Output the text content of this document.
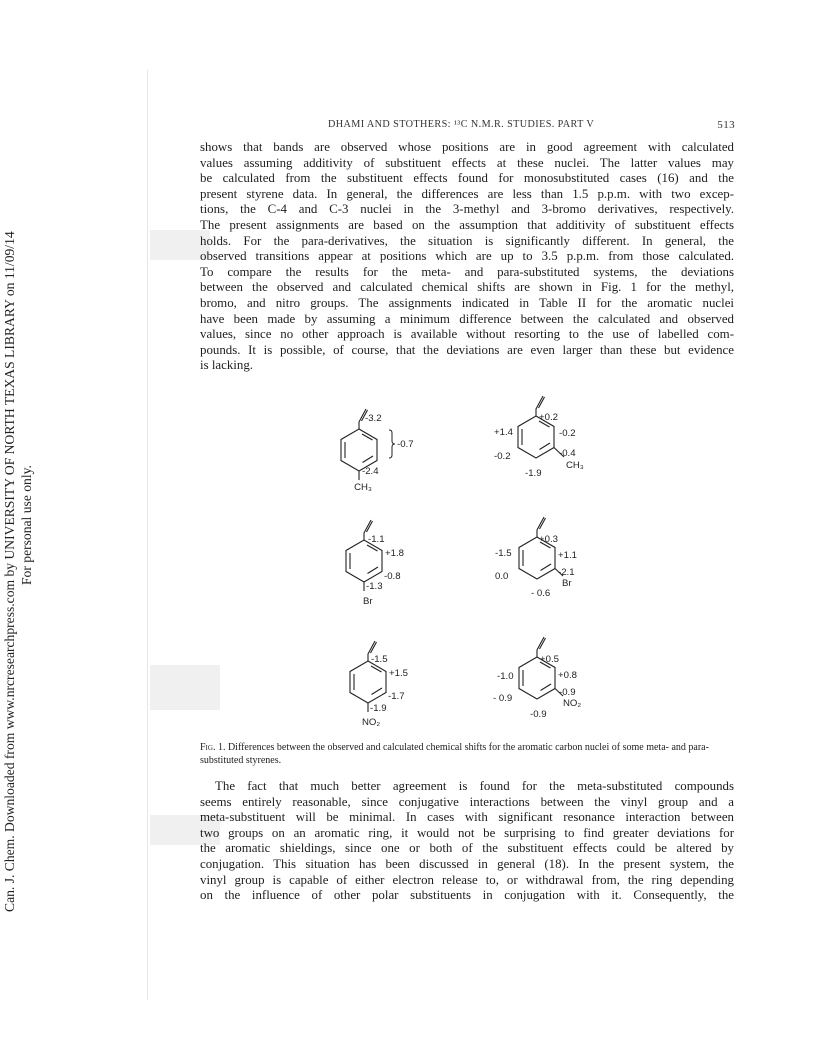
Can. J. Chem. Downloaded from www.nrcresearchpress.com by UNIVERSITY OF NORTH TEXAS LIBRARY on 11/09/14 For personal use only.
DHAMI AND STOTHERS: ¹³C N.M.R. STUDIES. PART V	513
shows that bands are observed whose positions are in good agreement with calculated
values assuming additivity of substituent effects at these nuclei. The latter values may
be calculated from the substituent effects found for monosubstituted cases (16) and the
present styrene data. In general, the differences are less than 1.5 p.p.m. with two excep-
tions, the C-4 and C-3 nuclei in the 3-methyl and 3-bromo derivatives, respectively.
The present assignments are based on the assumption that additivity of substituent effects
holds. For the para-derivatives, the situation is significantly different. In general, the
observed transitions appear at positions which are up to 3.5 p.p.m. from those calculated.
To compare the results for the meta- and para-substituted systems, the deviations
between the observed and calculated chemical shifts are shown in Fig. 1 for the methyl,
bromo, and nitro groups. The assignments indicated in Table II for the aromatic nuclei
have been made by assuming a minimum difference between the calculated and observed
values, since no other approach is available without resorting to the use of labelled com-
pounds. It is possible, of course, that the deviations are even larger than these but evidence
is lacking.
-3.2
-0.7
-2.4
CH₃
+0.2
+1.4
-0.2
-0.2
-0.4
-1.9
CH₃
-1.1
+1.8
-0.8
-1.3
Br
+0.3
-1.5	+1.1
0.0	-2.1
- 0.6
Br
-1.5
+1.5
-1.7
-1.9
NO₂
+0.5
-1.0	+0.8
- 0.9
-0.9
-0.9
NO₂
Fig. 1. Differences between the observed and calculated chemical shifts for the aromatic carbon nuclei of some meta- and para-substituted styrenes.
The fact that much better agreement is found for the meta-substituted compounds
seems entirely reasonable, since conjugative interactions between the vinyl group and a
meta-substituent will be minimal. In cases with significant resonance interaction between
two groups on an aromatic ring, it would not be surprising to find greater deviations for
the aromatic shieldings, since one or both of the substituent effects could be altered by
conjugation. This situation has been discussed in general (18). In the present system, the
vinyl group is capable of either electron release to, or withdrawal from, the ring depending
on the influence of other polar substituents in conjugation with it. Consequently, the
